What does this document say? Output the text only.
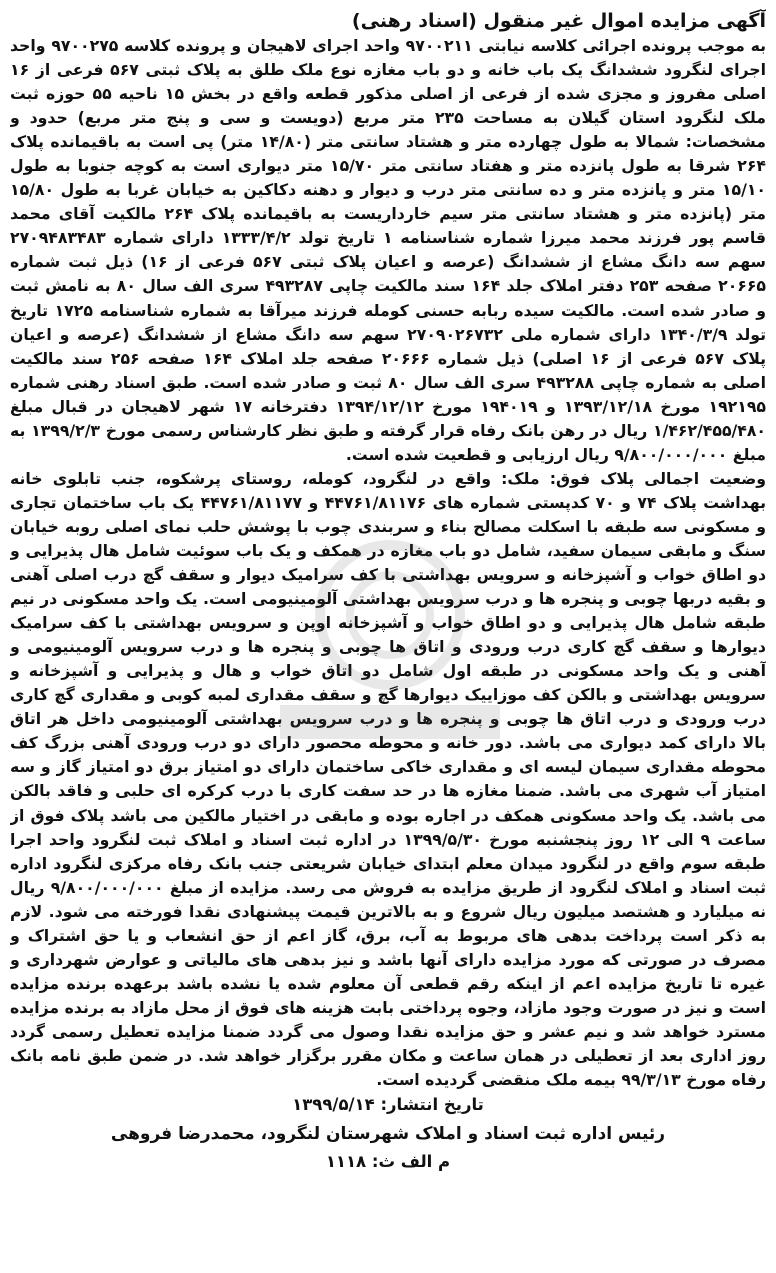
آگهی مزایده اموال غیر منقول (اسناد رهنی)

به موجب پرونده اجرائی کلاسه نیابتی ۹۷۰۰۲۱۱ واحد اجرای لاهیجان و پرونده کلاسه ۹۷۰۰۲۷۵ واحد اجرای لنگرود ششدانگ یک باب خانه و دو باب مغازه نوع ملک طلق به پلاک ثبتی ۵۶۷ فرعی از ۱۶ اصلی مفروز و مجزی شده از فرعی از اصلی مذکور قطعه واقع در بخش ۱۵ ناحیه ۵۵ حوزه ثبت ملک لنگرود استان گیلان به مساحت ۲۳۵ متر مربع (دویست و سی و پنج متر مربع) حدود و مشخصات: شمالا به طول چهارده متر و هشتاد سانتی متر (۱۴/۸۰ متر) پی است به باقیمانده پلاک ۲۶۴ شرقا به طول پانزده متر و هفتاد سانتی متر ۱۵/۷۰ متر دیواری است به کوچه جنوبا به طول ۱۵/۱۰ متر و پانزده متر و ده سانتی متر درب و دیوار و دهنه دکاکین به خیابان غربا به طول ۱۵/۸۰ متر (پانزده متر و هشتاد سانتی متر سیم خارداریست به باقیمانده پلاک ۲۶۴ مالکیت آقای محمد قاسم پور فرزند محمد میرزا شماره شناسنامه ۱ تاریخ تولد ۱۳۳۳/۴/۲ دارای شماره ۲۷۰۹۴۸۳۴۸۳ سهم سه دانگ مشاع از ششدانگ (عرصه و اعیان پلاک ثبتی ۵۶۷ فرعی از ۱۶) ذیل ثبت شماره ۲۰۶۶۵ صفحه ۲۵۳ دفتر املاک جلد ۱۶۴ سند مالکیت چاپی ۴۹۳۲۸۷ سری الف سال ۸۰ به نامش ثبت و صادر شده است. مالکیت سیده ربابه حسنی کومله فرزند میرآقا به شماره شناسنامه ۱۷۲۵ تاریخ تولد ۱۳۴۰/۳/۹ دارای شماره ملی ۲۷۰۹۰۲۶۷۳۲ سهم سه دانگ مشاع از ششدانگ (عرصه و اعیان پلاک ۵۶۷ فرعی از ۱۶ اصلی) ذیل شماره ۲۰۶۶۶ صفحه جلد املاک ۱۶۴ صفحه ۲۵۶ سند مالکیت اصلی به شماره چاپی ۴۹۳۲۸۸ سری الف سال ۸۰ ثبت و صادر شده است. طبق اسناد رهنی شماره ۱۹۲۱۹۵ مورخ ۱۳۹۳/۱۲/۱۸ و ۱۹۴۰۱۹ مورخ ۱۳۹۴/۱۲/۱۲ دفترخانه ۱۷ شهر لاهیجان در قبال مبلغ ۱/۴۶۲/۴۵۵/۴۸۰ ریال در رهن بانک رفاه قرار گرفته و طبق نظر کارشناس رسمی مورخ ۱۳۹۹/۲/۳ به مبلغ ۹/۸۰۰/۰۰۰/۰۰۰ ریال ارزیابی و قطعیت شده است.

وضعیت اجمالی پلاک فوق: ملک: واقع در لنگرود، کومله، روستای پرشکوه، جنب تابلوی خانه بهداشت پلاک ۷۴ و ۷۰ کدپستی شماره های ۴۴۷۶۱/۸۱۱۷۶ و ۴۴۷۶۱/۸۱۱۷۷ یک باب ساختمان تجاری و مسکونی سه طبقه با اسکلت مصالح بناء و سربندی چوب با پوشش حلب نمای اصلی روبه خیابان سنگ و مابقی سیمان سفید، شامل دو باب مغازه در همکف و یک باب سوئیت شامل هال پذیرایی و دو اطاق خواب و آشپزخانه و سرویس بهداشتی با کف سرامیک دیوار و سقف گچ درب اصلی آهنی و بقیه دربها چوبی و پنجره ها و درب سرویس بهداشتی آلومینیومی است. یک واحد مسکونی در نیم طبقه شامل هال پذیرایی و دو اطاق خواب و آشپزخانه اوپن و سرویس بهداشتی با کف سرامیک دیوارها و سقف گچ کاری درب ورودی و اتاق ها چوبی و پنجره ها و درب سرویس آلومینیومی و آهنی و یک واحد مسکونی در طبقه اول شامل دو اتاق خواب و هال و پذیرایی و آشپزخانه و سرویس بهداشتی و بالکن کف موزاییک دیوارها گچ و سقف مقداری لمبه کوبی و مقداری گچ کاری درب ورودی و درب اتاق ها چوبی و پنجره ها و درب سرویس بهداشتی آلومینیومی داخل هر اتاق بالا دارای کمد دیواری می باشد. دور خانه و محوطه محصور دارای دو درب ورودی آهنی بزرگ کف محوطه مقداری سیمان لیسه ای و مقداری خاکی ساختمان دارای دو امتیاز برق دو امتیاز گاز و سه امتیاز آب شهری می باشد. ضمنا مغازه ها در حد سفت کاری با درب کرکره ای حلبی و فاقد بالکن می باشد. یک واحد مسکونی همکف در اجاره بوده و مابقی در اختیار مالکین می باشد پلاک فوق از ساعت ۹ الی ۱۲ روز پنجشنبه مورخ ۱۳۹۹/۵/۳۰ در اداره ثبت اسناد و املاک ثبت لنگرود واحد اجرا طبقه سوم واقع در لنگرود میدان معلم ابتدای خیابان شریعتی جنب بانک رفاه مرکزی لنگرود اداره ثبت اسناد و املاک لنگرود از طریق مزایده به فروش می رسد. مزایده از مبلغ ۹/۸۰۰/۰۰۰/۰۰۰ ریال نه میلیارد و هشتصد میلیون ریال شروع و به بالاترین قیمت پیشنهادی نقدا فورخته می شود. لازم به ذکر است پرداخت بدهی های مربوط به آب، برق، گاز اعم از حق انشعاب و یا حق اشتراک و مصرف در صورتی که مورد مزایده دارای آنها باشد و نیز بدهی های مالیاتی و عوارض شهرداری و غیره تا تاریخ مزایده اعم از اینکه رقم قطعی آن معلوم شده یا نشده باشد برعهده برنده مزایده است و نیز در صورت وجود مازاد، وجوه پرداختی بابت هزینه های فوق از محل مازاد به برنده مزایده مسترد خواهد شد و نیم عشر و حق مزایده نقدا وصول می گردد ضمنا مزایده تعطیل رسمی گردد روز اداری بعد از تعطیلی در همان ساعت و مکان مقرر برگزار خواهد شد. در ضمن طبق نامه بانک رفاه مورخ ۹۹/۳/۱۳ بیمه ملک منقضی گردیده است.

تاریخ انتشار: ۱۳۹۹/۵/۱۴

رئیس اداره ثبت اسناد و املاک شهرستان لنگرود، محمدرضا فروهی

م الف ث: ۱۱۱۸
